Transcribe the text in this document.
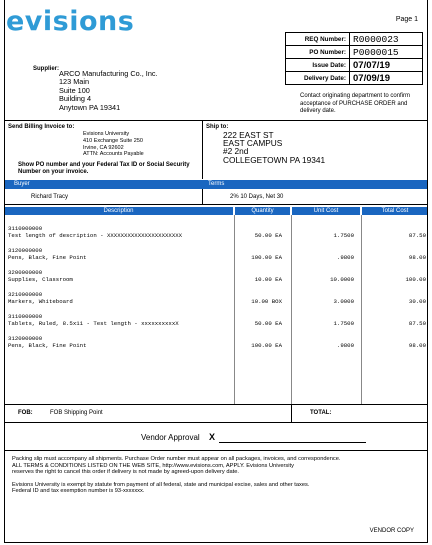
evisions	Page 1
REQ Number: R0000023
PO Number: P0000015
Issue Date: 07/07/19
Delivery Date: 07/09/19
Contact originating department to confirm acceptance of PURCHASE ORDER and delivery date.
Supplier: ARCO Manufacturing Co., Inc.
123 Main
Suite 100
Building 4
Anytown PA 19341
Send Billing Invoice to:
Evisions University
410 Exchange Suite 250
Irvine, CA 92602
ATTN: Accounts Payable
Show PO number and your Federal Tax ID or Social Security Number on your invoice.
Ship to:
222 EAST ST
EAST CAMPUS
#2 2nd
COLLEGETOWN PA 19341
Buyer	Terms
Richard Tracy	2% 10 Days, Net 30
Description	Quantity	Unit Cost	Total Cost
3110000000
Test length of description - XXXXXXXXXXXXXXXXXXXXXX	50.00 EA	1.7500	87.50
3120000000
Pens, Black, Fine Point	100.00 EA	.9800	98.00
3200000000
Supplies, Classroom	10.00 EA	10.0000	100.00
3210000000
Markers, Whiteboard	10.00 BOX	3.0000	30.00
3110000000
Tablets, Ruled, 8.5x11 - Test length - xxxxxxxxxxX	50.00 EA	1.7500	87.50
3120000000
Pens, Black, Fine Point	100.00 EA	.9800	98.00
FOB:	FOB Shipping Point	TOTAL:
Vendor Approval X
Packing slip must accompany all shipments. Purchase Order number must appear on all packages, invoices, and correspondence.
ALL TERMS & CONDITIONS LISTED ON THE WEB SITE, http://www.evisions.com, APPLY. Evisions University
reserves the right to cancel this order if delivery is not made by agreed-upon delivery date.
Evisions University is exempt by statute from payment of all federal, state and municipal excise, sales and other taxes.
Federal ID and tax exemption number is 93-xxxxxxx.
VENDOR COPY
